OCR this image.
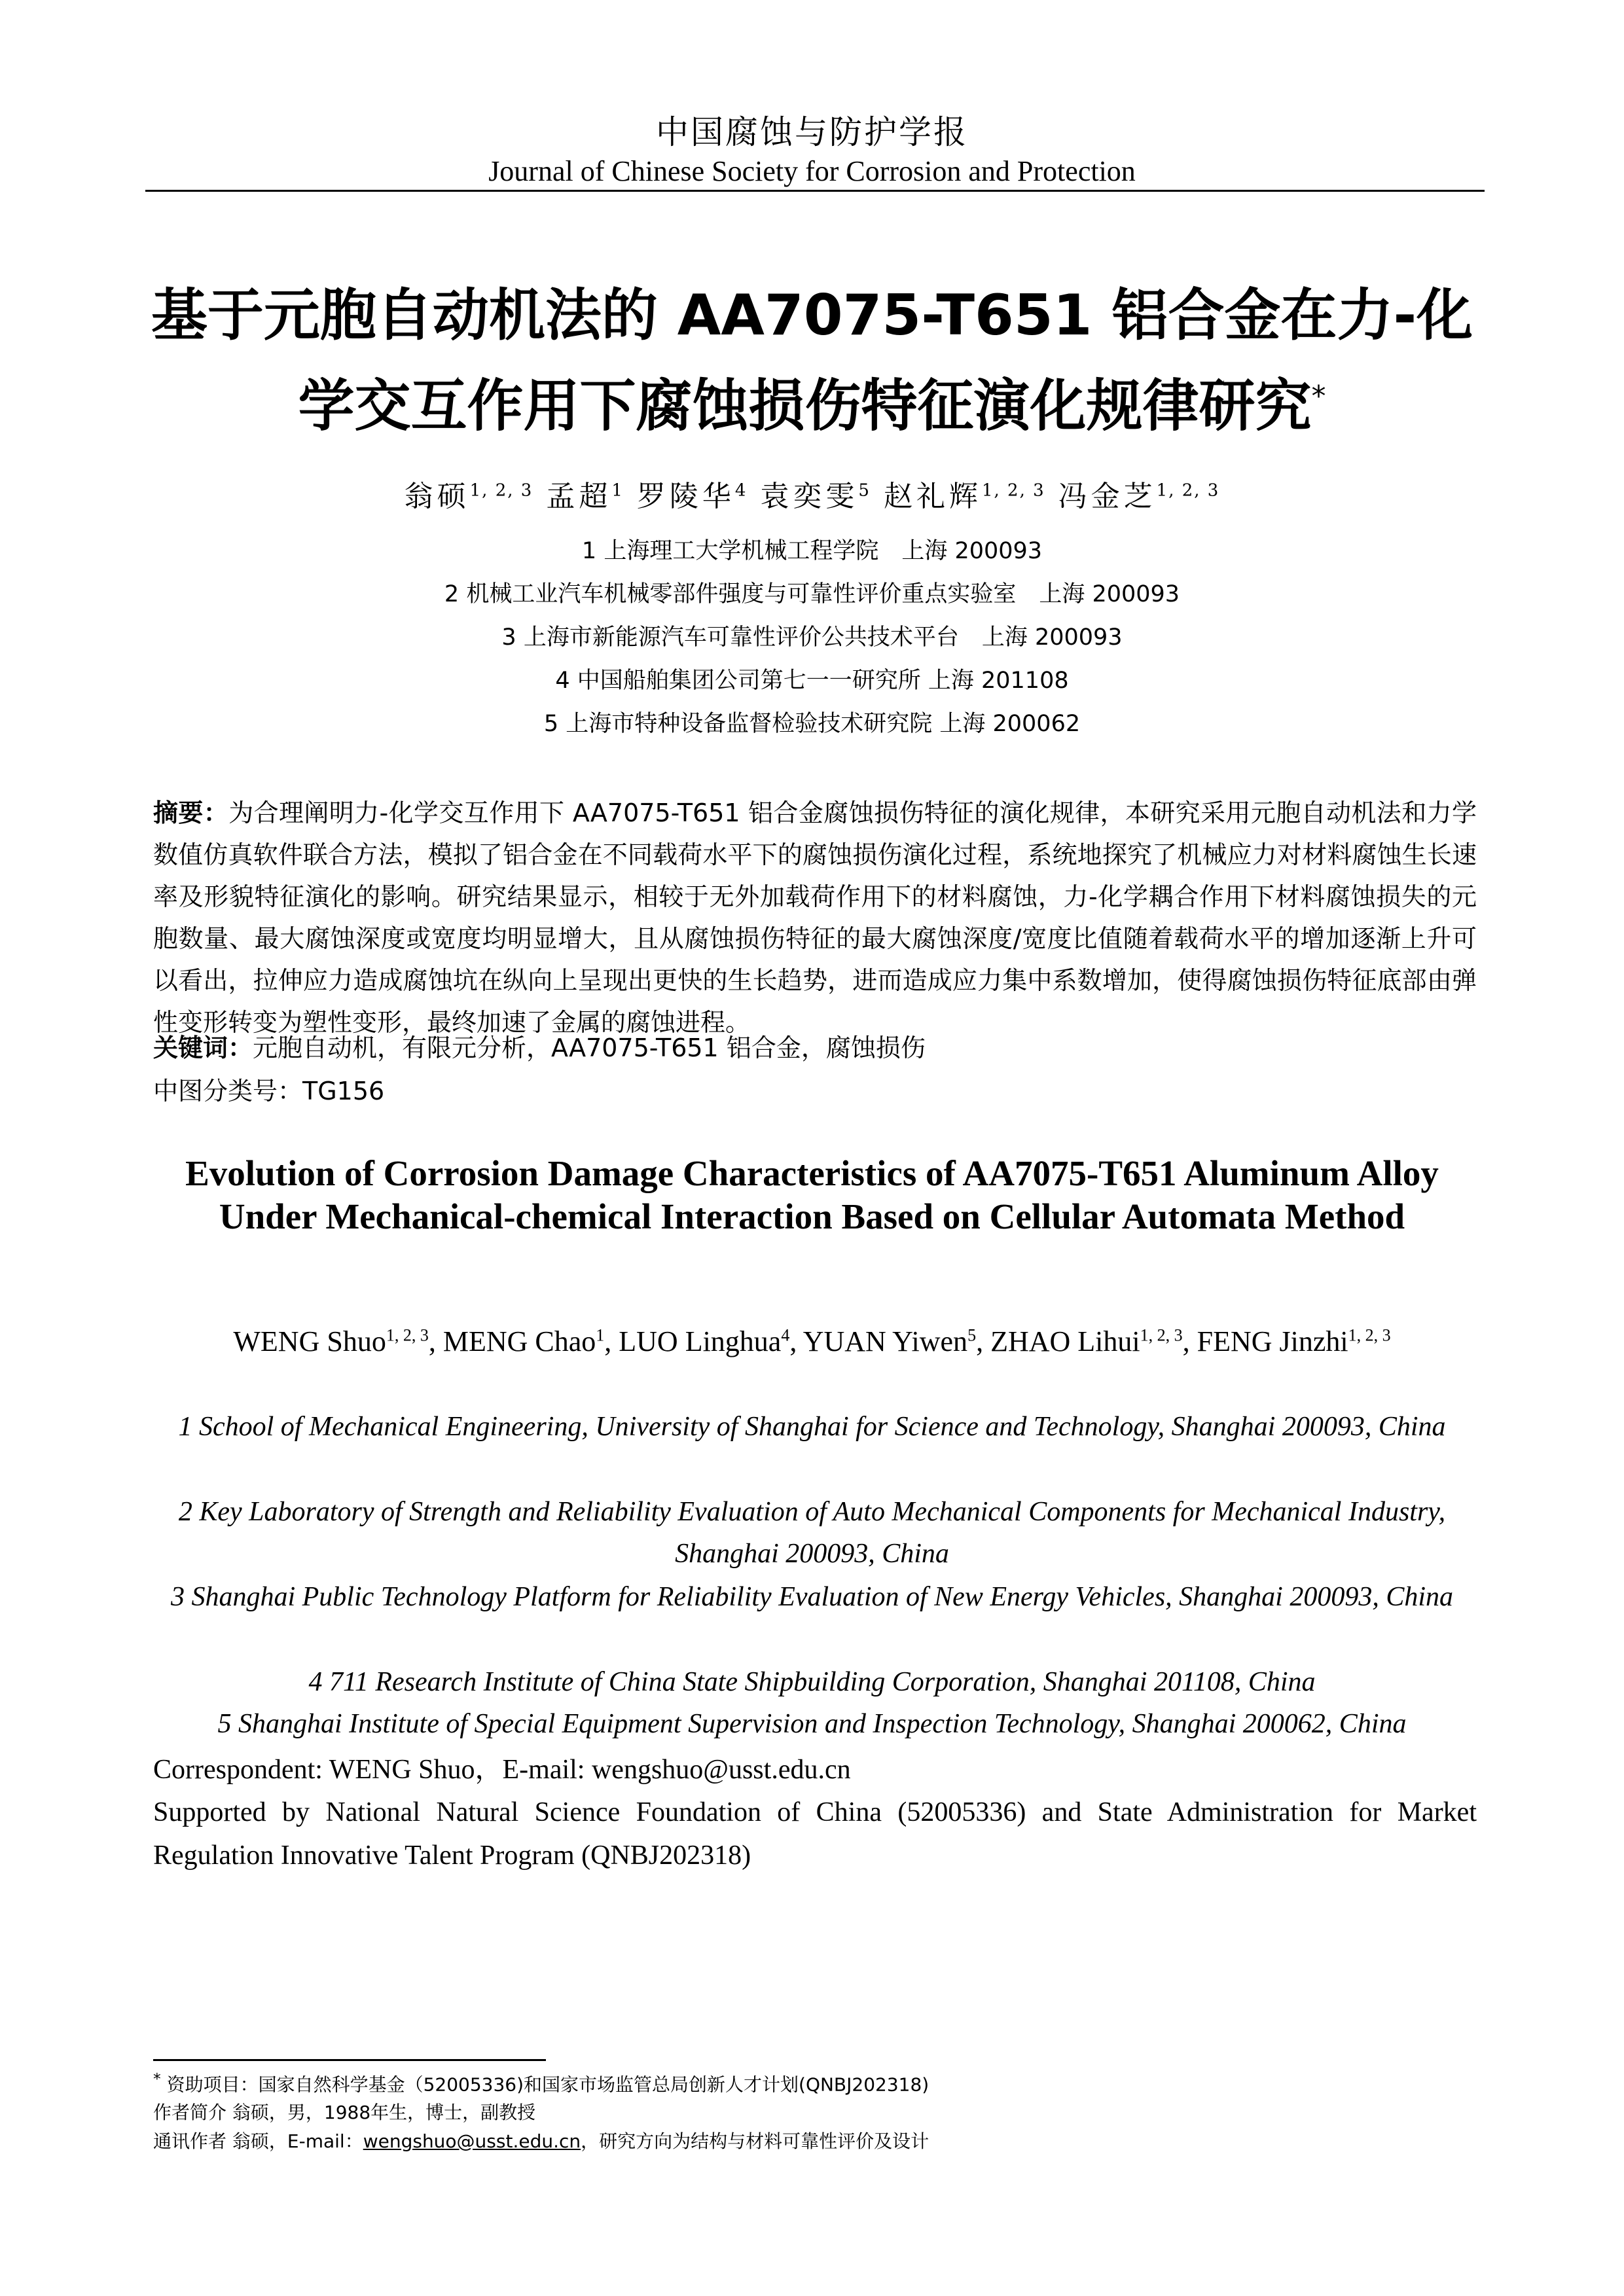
中国腐蚀与防护学报
Journal of Chinese Society for Corrosion and Protection
基于元胞自动机法的 AA7075-T651 铝合金在力-化
学交互作用下腐蚀损伤特征演化规律研究*
翁硕$^{1, 2, 3}$ 孟超$^1$ 罗陵华$^4$ 袁奕雯$^5$ 赵礼辉$^{1, 2, 3}$ 冯金芝$^{1, 2, 3}$
1 上海理工大学机械工程学院　上海 200093
2 机械工业汽车机械零部件强度与可靠性评价重点实验室　上海 200093
3 上海市新能源汽车可靠性评价公共技术平台　上海 200093
4 中国船舶集团公司第七一一研究所 上海 201108
5 上海市特种设备监督检验技术研究院 上海 200062
摘要：为合理阐明力-化学交互作用下 AA7075-T651 铝合金腐蚀损伤特征的演化规律，本研究采用元胞自动机法和力学数值仿真软件联合方法，模拟了铝合金在不同载荷水平下的腐蚀损伤演化过程，系统地探究了机械应力对材料腐蚀生长速率及形貌特征演化的影响。研究结果显示，相较于无外加载荷作用下的材料腐蚀，力-化学耦合作用下材料腐蚀损失的元胞数量、最大腐蚀深度或宽度均明显增大，且从腐蚀损伤特征的最大腐蚀深度/宽度比值随着载荷水平的增加逐渐上升可以看出，拉伸应力造成腐蚀坑在纵向上呈现出更快的生长趋势，进而造成应力集中系数增加，使得腐蚀损伤特征底部由弹性变形转变为塑性变形，最终加速了金属的腐蚀进程。
关键词：元胞自动机，有限元分析，AA7075-T651 铝合金，腐蚀损伤
中图分类号：TG156
Evolution of Corrosion Damage Characteristics of AA7075-T651 Aluminum Alloy Under Mechanical-chemical Interaction Based on Cellular Automata Method
WENG Shuo$^{1, 2, 3}$, MENG Chao$^1$, LUO Linghua$^4$, YUAN Yiwen$^5$, ZHAO Lihui$^{1, 2, 3}$, FENG Jinzhi$^{1, 2, 3}$
1 School of Mechanical Engineering, University of Shanghai for Science and Technology, Shanghai 200093, China
2 Key Laboratory of Strength and Reliability Evaluation of Auto Mechanical Components for Mechanical Industry, Shanghai 200093, China
3 Shanghai Public Technology Platform for Reliability Evaluation of New Energy Vehicles, Shanghai 200093, China
4 711 Research Institute of China State Shipbuilding Corporation, Shanghai 201108, China
5 Shanghai Institute of Special Equipment Supervision and Inspection Technology, Shanghai 200062, China
Correspondent: WENG Shuo，E-mail: wengshuo@usst.edu.cn
Supported by National Natural Science Foundation of China (52005336) and State Administration for Market Regulation Innovative Talent Program (QNBJ202318)
* 资助项目：国家自然科学基金（52005336)和国家市场监管总局创新人才计划(QNBJ202318)
作者简介 翁硕，男，1988年生，博士，副教授
通讯作者 翁硕，E-mail：wengshuo@usst.edu.cn，研究方向为结构与材料可靠性评价及设计
